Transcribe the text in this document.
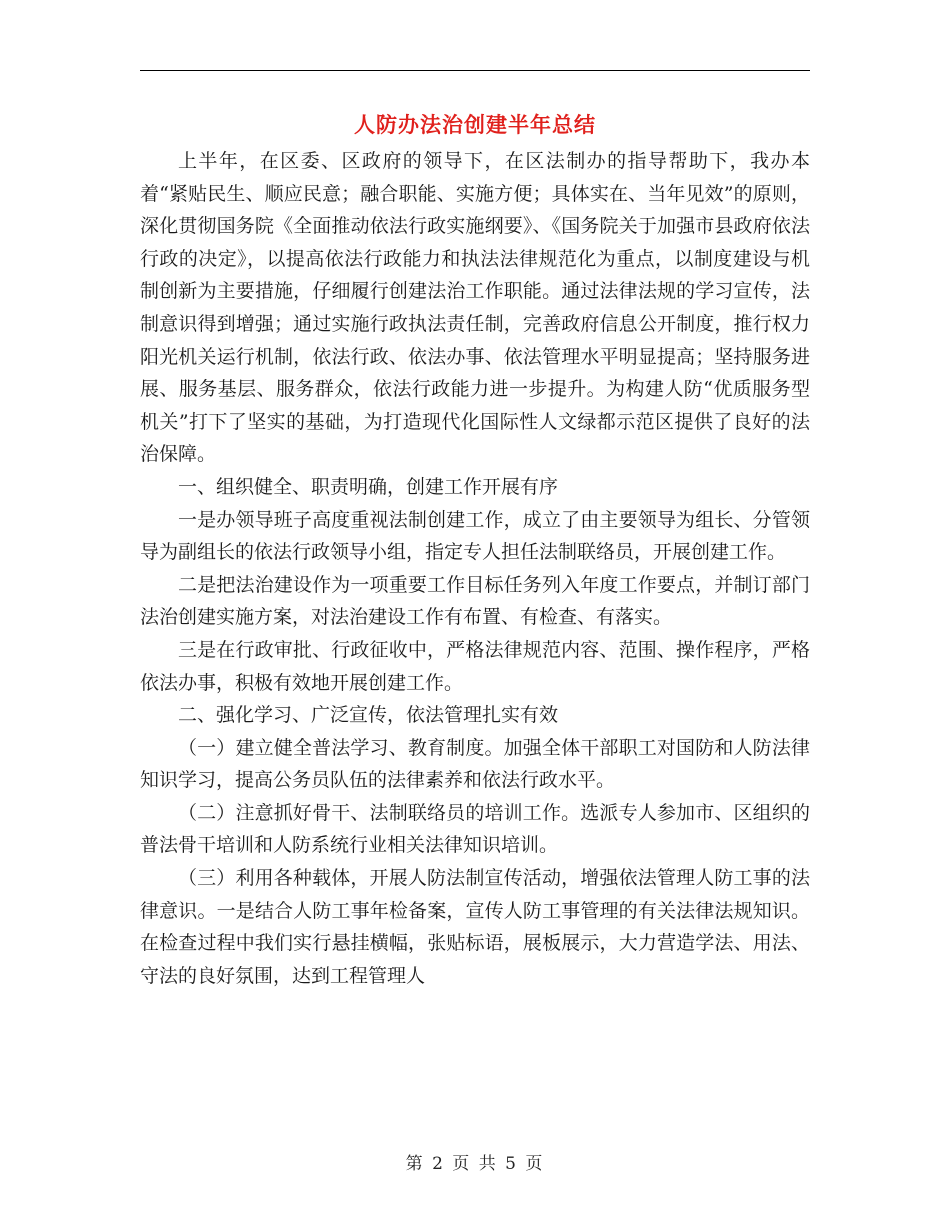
人防办法治创建半年总结

上半年，在区委、区政府的领导下，在区法制办的指导帮助下，我办本着“紧贴民生、顺应民意；融合职能、实施方便；具体实在、当年见效”的原则，深化贯彻国务院《全面推动依法行政实施纲要》、《国务院关于加强市县政府依法行政的决定》，以提高依法行政能力和执法法律规范化为重点，以制度建设与机制创新为主要措施，仔细履行创建法治工作职能。通过法律法规的学习宣传，法制意识得到增强；通过实施行政执法责任制，完善政府信息公开制度，推行权力阳光机关运行机制，依法行政、依法办事、依法管理水平明显提高；坚持服务进展、服务基层、服务群众，依法行政能力进一步提升。为构建人防“优质服务型机关”打下了坚实的基础，为打造现代化国际性人文绿都示范区提供了良好的法治保障。

一、组织健全、职责明确，创建工作开展有序

一是办领导班子高度重视法制创建工作，成立了由主要领导为组长、分管领导为副组长的依法行政领导小组，指定专人担任法制联络员，开展创建工作。

二是把法治建设作为一项重要工作目标任务列入年度工作要点，并制订部门法治创建实施方案，对法治建设工作有布置、有检查、有落实。

三是在行政审批、行政征收中，严格法律规范内容、范围、操作程序，严格依法办事，积极有效地开展创建工作。

二、强化学习、广泛宣传，依法管理扎实有效

（一）建立健全普法学习、教育制度。加强全体干部职工对国防和人防法律知识学习，提高公务员队伍的法律素养和依法行政水平。

（二）注意抓好骨干、法制联络员的培训工作。选派专人参加市、区组织的普法骨干培训和人防系统行业相关法律知识培训。

（三）利用各种载体，开展人防法制宣传活动，增强依法管理人防工事的法律意识。一是结合人防工事年检备案，宣传人防工事管理的有关法律法规知识。在检查过程中我们实行悬挂横幅，张贴标语，展板展示，大力营造学法、用法、守法的良好氛围，达到工程管理人

第 2 页 共 5 页
